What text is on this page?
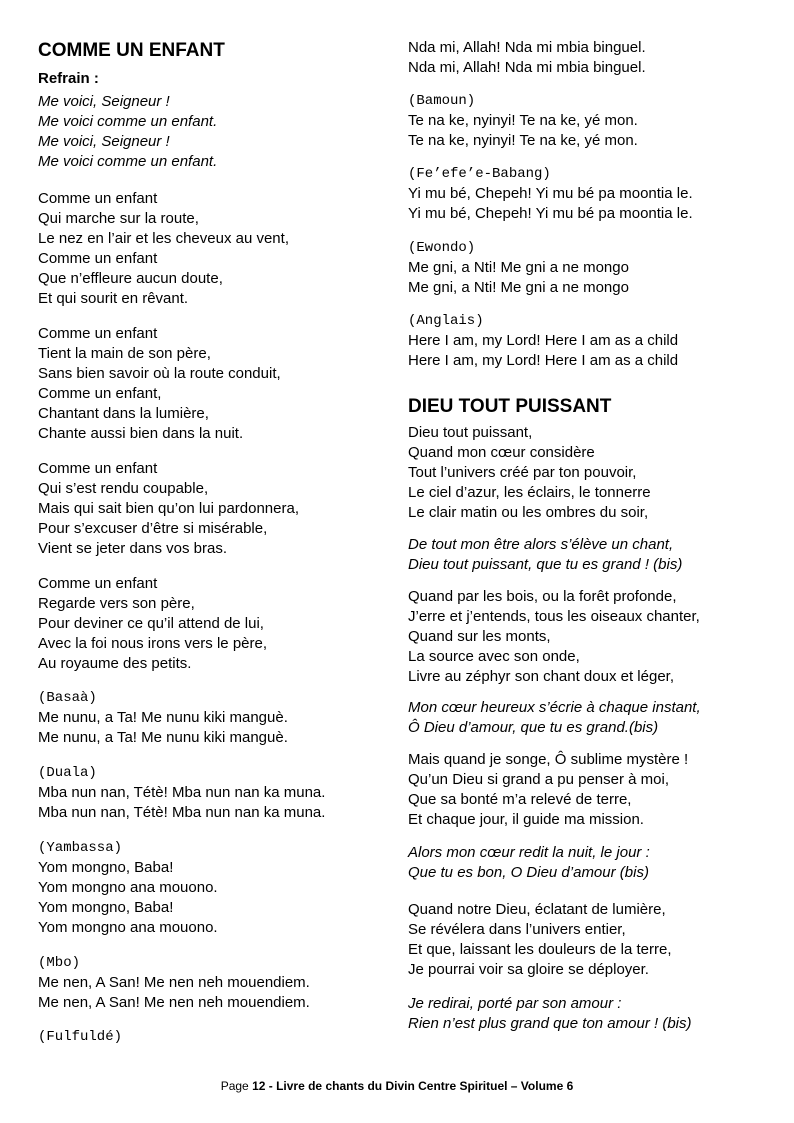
COMME UN ENFANT
Refrain :
Me voici, Seigneur !
Me voici comme un enfant.
Me voici, Seigneur !
Me voici comme un enfant.
Comme un enfant
Qui marche sur la route,
Le nez en l’air et les cheveux au vent,
Comme un enfant
Que n’effleure aucun doute,
Et qui sourit en rêvant.
Comme un enfant
Tient la main de son père,
Sans bien savoir où la route conduit,
Comme un enfant,
Chantant dans la lumière,
Chante aussi bien dans la nuit.
Comme un enfant
Qui s’est rendu coupable,
Mais qui sait bien qu’on lui pardonnera,
Pour s’excuser d’être si misérable,
Vient se jeter dans vos bras.
Comme un enfant
Regarde vers son père,
Pour deviner ce qu’il attend de lui,
Avec la foi nous irons vers le père,
Au royaume des petits.
(Basaà)
Me nunu, a Ta! Me nunu kiki manguè.
Me nunu, a Ta! Me nunu kiki manguè.
(Duala)
Mba nun nan, Tétè! Mba nun nan ka muna.
Mba nun nan, Tétè! Mba nun nan ka muna.
(Yambassa)
Yom mongno, Baba!
Yom mongno ana mouono.
Yom mongno, Baba!
Yom mongno ana mouono.
(Mbo)
Me nen, A San! Me nen neh mouendiem.
Me nen, A San! Me nen neh mouendiem.
(Fulfuldé)
Nda mi, Allah! Nda mi mbia binguel.
Nda mi, Allah! Nda mi mbia binguel.
(Bamoun)
Te na ke, nyinyi! Te na ke, yé mon.
Te na ke, nyinyi! Te na ke, yé mon.
(Fe’efe’e-Babang)
Yi mu bé, Chepeh! Yi mu bé pa moontia le.
Yi mu bé, Chepeh! Yi mu bé pa moontia le.
(Ewondo)
Me gni, a Nti! Me gni a ne mongo
Me gni, a Nti! Me gni a ne mongo
(Anglais)
Here I am, my Lord! Here I am as a child
Here I am, my Lord! Here I am as a child
DIEU TOUT PUISSANT
Dieu tout puissant,
Quand mon cœur considère
Tout l’univers créé par ton pouvoir,
Le ciel d’azur, les éclairs, le tonnerre
Le clair matin ou les ombres du soir,
De tout mon être alors s’élève un chant,
Dieu tout puissant, que tu es grand ! (bis)
Quand par les bois, ou la forêt profonde,
J’erre et j’entends, tous les oiseaux chanter,
Quand sur les monts,
La source avec son onde,
Livre au zéphyr son chant doux et léger,
Mon cœur heureux s’écrie à chaque instant,
Ô Dieu d’amour, que tu es grand.(bis)
Mais quand je songe, Ô sublime mystère !
Qu’un Dieu si grand a pu penser à moi,
Que sa bonté m’a relevé de terre,
Et chaque jour, il guide ma mission.
Alors mon cœur redit la nuit, le jour :
Que tu es bon, O Dieu d’amour (bis)
Quand notre Dieu, éclatant de lumière,
Se révélera dans l’univers entier,
Et que, laissant les douleurs de la terre,
Je pourrai voir sa gloire se déployer.
Je redirai, porté par son amour :
Rien n’est plus grand que ton amour ! (bis)
Page 12 - Livre de chants du Divin Centre Spirituel – Volume 6
